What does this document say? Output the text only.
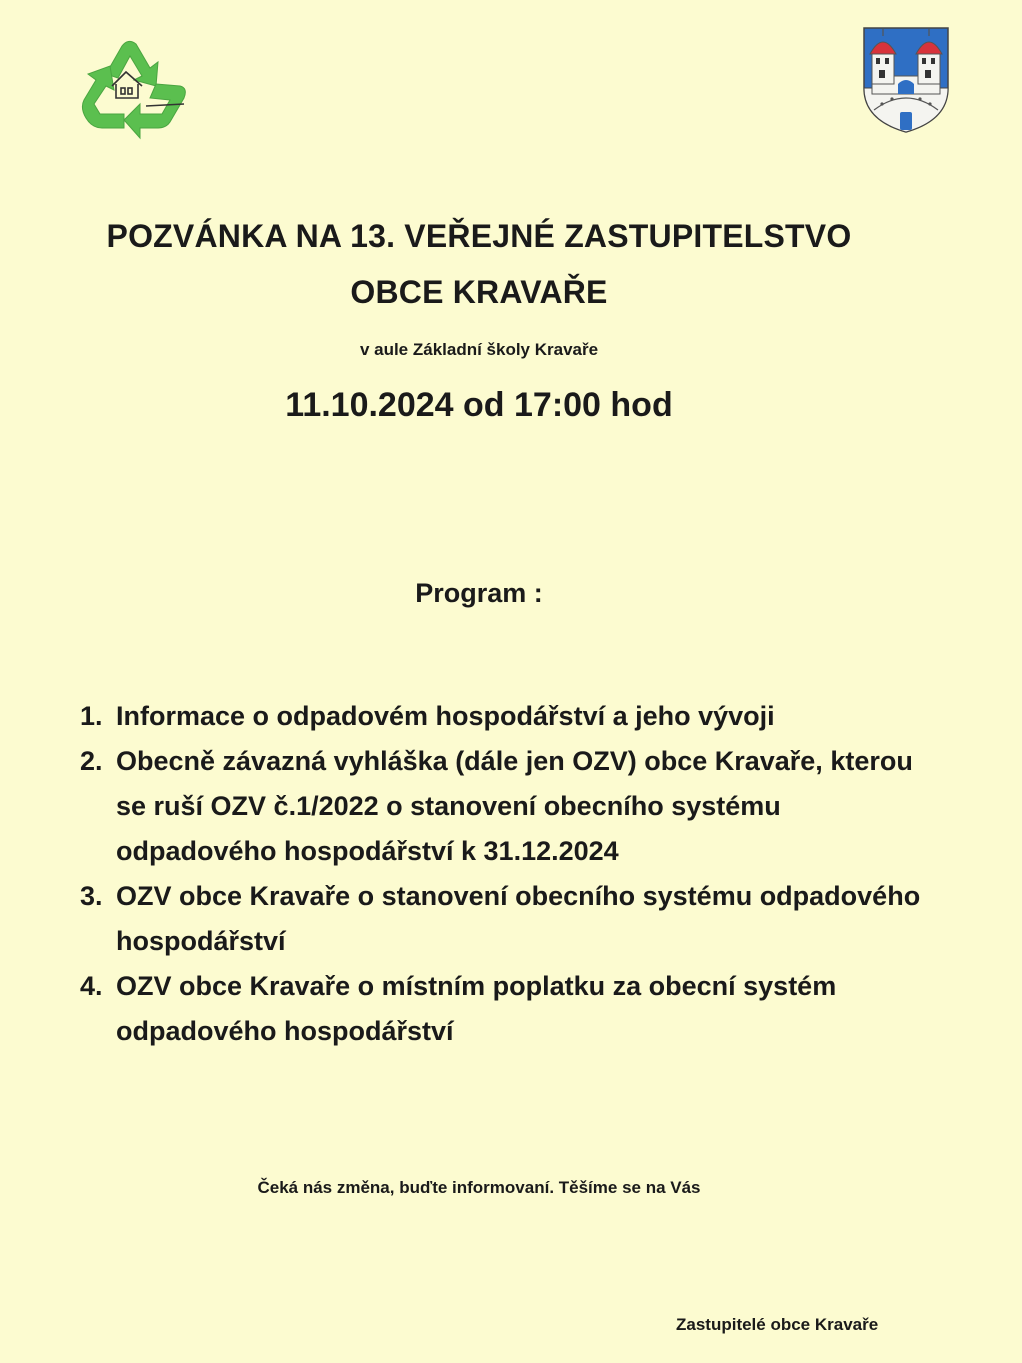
POZVÁNKA NA 13. VEŘEJNÉ ZASTUPITELSTVO
OBCE KRAVAŘE
v aule Základní školy Kravaře
11.10.2024 od 17:00 hod
Program :
1. Informace o odpadovém hospodářství a jeho vývoji
2. Obecně závazná vyhláška (dále jen OZV) obce Kravaře, kterou se ruší OZV č.1/2022 o stanovení obecního systému odpadového hospodářství k 31.12.2024
3. OZV obce Kravaře o stanovení obecního systému odpadového hospodářství
4. OZV obce Kravaře o místním poplatku za obecní systém odpadového hospodářství
Čeká nás změna, buďte informovaní. Těšíme se na Vás
Zastupitelé obce Kravaře
